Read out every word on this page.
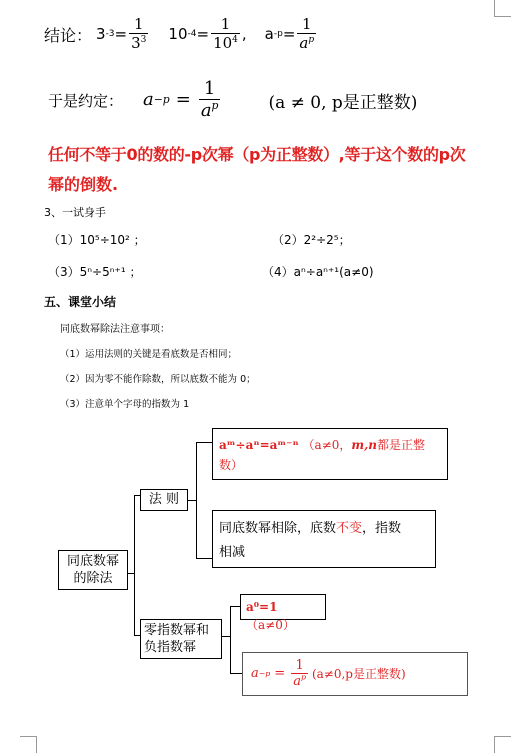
结论： 3 $-3 = \frac{1}{3^3} 10$ $-4 = \frac{1}{10^4}$ , a $-p = \frac{1}{a^p}$
于是约定： $a -p = \frac{1}{a^p}$	(a ≠ 0, p是正整数)
任何不等于0的数的-p次幂（p为正整数）,等于这个数的p次
幂的倒数.
3、一试身手
（1）10⁵÷10² ；	（2）2²÷2⁵；
（3）5ⁿ÷5ⁿ⁺¹ ；	（4）aⁿ÷aⁿ⁺¹(a≠0)
五、课堂小结
同底数幂除法注意事项：
（1）运用法则的关键是看底数是否相同；
（2）因为零不能作除数，所以底数不能为 0；
（3）注意单个字母的指数为 1
同底数幂的除法
法 则
aᵐ÷aⁿ=aᵐ⁻ⁿ （a≠0，m,n都是正整
数）
同底数幂相除，底数不变，指数
相减
零指数幂和负指数幂
a⁰=1 （a≠0）
$a -p = \frac{1}{a^p} (a\ne 0,p$是正整数)
